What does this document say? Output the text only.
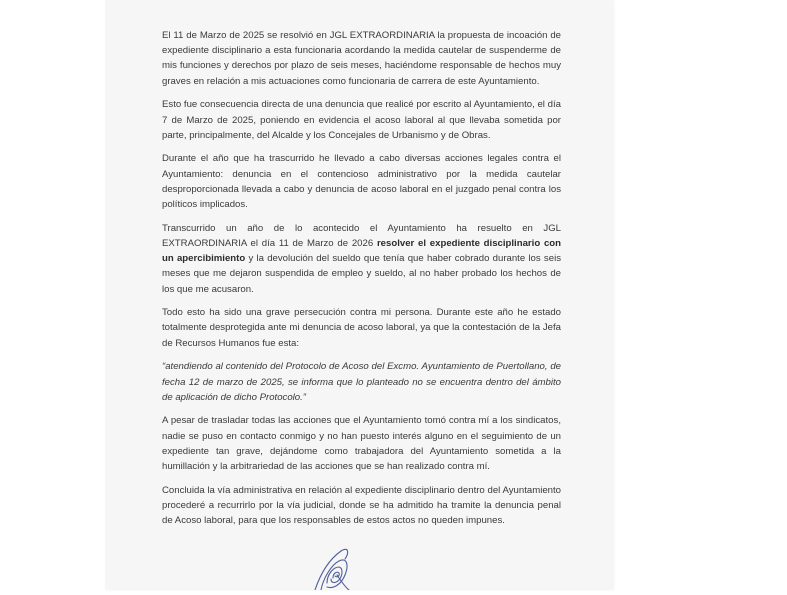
El 11 de Marzo de 2025 se resolvió en JGL EXTRAORDINARIA la propuesta de incoación de expediente disciplinario a esta funcionaria acordando la medida cautelar de suspenderme de mis funciones y derechos por plazo de seis meses, haciéndome responsable de hechos muy graves en relación a mis actuaciones como funcionaria de carrera de este Ayuntamiento.

Esto fue consecuencia directa de una denuncia que realicé por escrito al Ayuntamiento, el día 7 de Marzo de 2025, poniendo en evidencia el acoso laboral al que llevaba sometida por parte, principalmente, del Alcalde y los Concejales de Urbanismo y de Obras.

Durante el año que ha trascurrido he llevado a cabo diversas acciones legales contra el Ayuntamiento: denuncia en el contencioso administrativo por la medida cautelar desproporcionada llevada a cabo y denuncia de acoso laboral en el juzgado penal contra los políticos implicados.

Transcurrido un año de lo acontecido el Ayuntamiento ha resuelto en JGL EXTRAORDINARIA el día 11 de Marzo de 2026 resolver el expediente disciplinario con un apercibimiento y la devolución del sueldo que tenía que haber cobrado durante los seis meses que me dejaron suspendida de empleo y sueldo, al no haber probado los hechos de los que me acusaron.

Todo esto ha sido una grave persecución contra mi persona. Durante este año he estado totalmente desprotegida ante mi denuncia de acoso laboral, ya que la contestación de la Jefa de Recursos Humanos fue esta:

“atendiendo al contenido del Protocolo de Acoso del Excmo. Ayuntamiento de Puertollano, de fecha 12 de marzo de 2025, se informa que lo planteado no se encuentra dentro del ámbito de aplicación de dicho Protocolo.”

A pesar de trasladar todas las acciones que el Ayuntamiento tomó contra mí a los sindicatos, nadie se puso en contacto conmigo y no han puesto interés alguno en el seguimiento de un expediente tan grave, dejándome como trabajadora del Ayuntamiento sometida a la humillación y la arbitrariedad de las acciones que se han realizado contra mí.

Concluida la vía administrativa en relación al expediente disciplinario dentro del Ayuntamiento procederé a recurrirlo por la vía judicial, donde se ha admitido ha tramite la denuncia penal de Acoso laboral, para que los responsables de estos actos no queden impunes.
